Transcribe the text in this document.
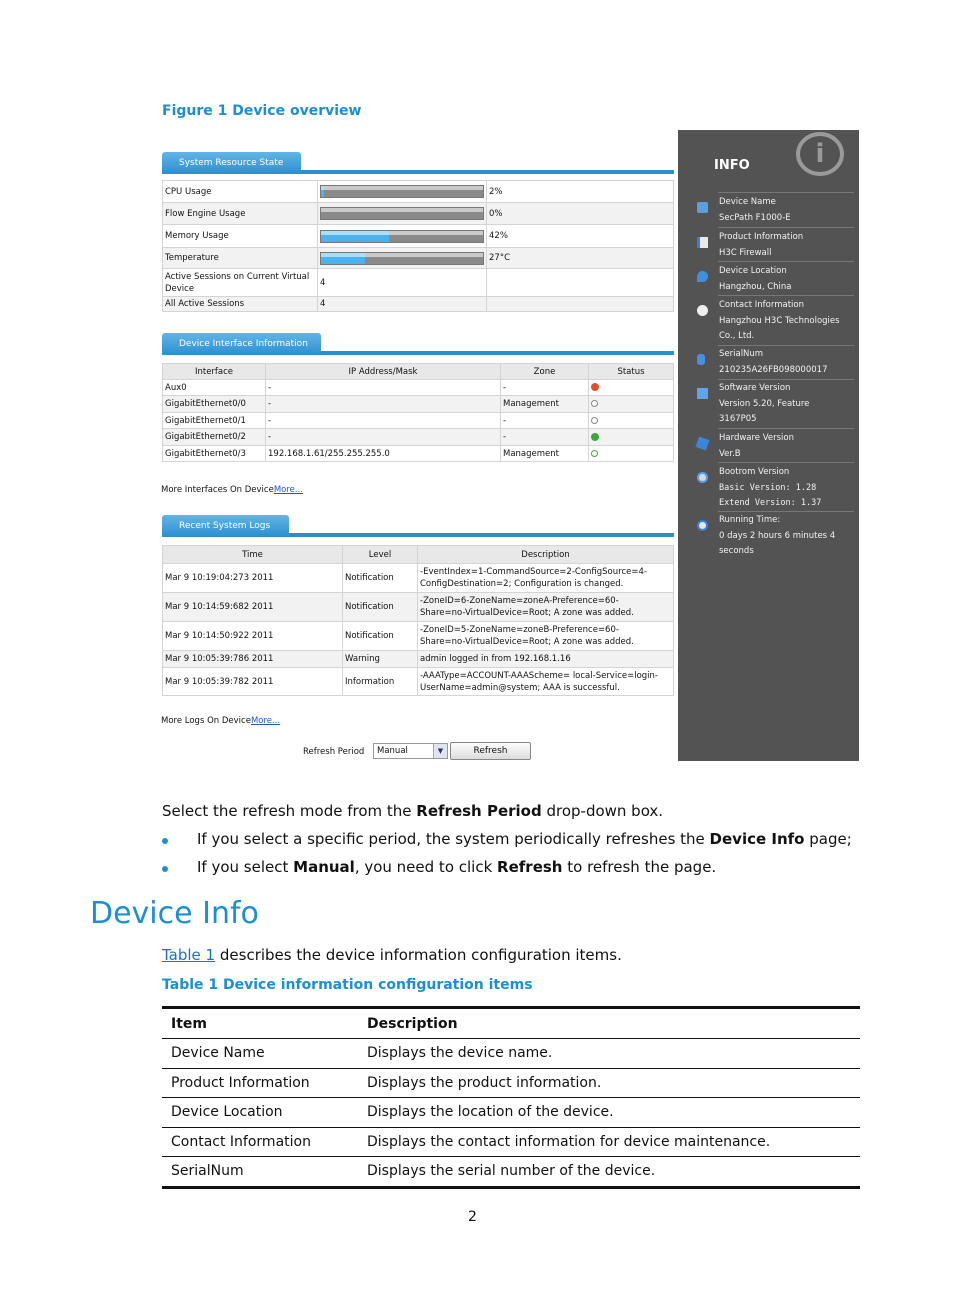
Figure 1 Device overview
System Resource State
CPU Usage		2%
Flow Engine Usage		0%
Memory Usage		42%
Temperature		27°C
Active Sessions on Current Virtual Device	4	
All Active Sessions	4	
Device Interface Information
Interface	IP Address/Mask	Zone	Status
Aux0	-	-	
GigabitEthernet0/0	-	Management	
GigabitEthernet0/1	-	-	
GigabitEthernet0/2	-	-	
GigabitEthernet0/3	192.168.1.61/255.255.255.0	Management	
More Interfaces On DeviceMore...
Recent System Logs
Time	Level	Description
Mar 9 10:19:04:273 2011	Notification	-EventIndex=1-CommandSource=2-ConfigSource=4-
ConfigDestination=2; Configuration is changed.

Mar 9 10:14:59:682 2011	Notification	-ZoneID=6-ZoneName=zoneA-Preference=60-
Share=no-VirtualDevice=Root; A zone was added.

Mar 9 10:14:50:922 2011	Notification	-ZoneID=5-ZoneName=zoneB-Preference=60-
Share=no-VirtualDevice=Root; A zone was added.

Mar 9 10:05:39:786 2011	Warning	admin logged in from 192.168.1.16
Mar 9 10:05:39:782 2011	Information	-AAAType=ACCOUNT-AAAScheme= local-Service=login-
UserName=admin@system; AAA is successful.
More Logs On DeviceMore...
Refresh Period Manual	▼	Refresh
INFO	i
Device Name
SecPath F1000-E
Product Information
H3C Firewall
Device Location
Hangzhou, China
Contact Information
Hangzhou H3C Technologies
Co., Ltd.
SerialNum
210235A26FB098000017
Software Version
Version 5.20, Feature
3167P05
Hardware Version
Ver.B
Bootrom Version
Basic Version: 1.28
Extend Version: 1.37
Running Time:
0 days 2 hours 6 minutes 4
seconds
Select the refresh mode from the Refresh Period drop-down box.
If you select a specific period, the system periodically refreshes the Device Info page;
If you select Manual, you need to click Refresh to refresh the page.
Device Info
Table 1 describes the device information configuration items.
Table 1 Device information configuration items
Item	Description
Device Name	Displays the device name.
Product Information	Displays the product information.
Device Location	Displays the location of the device.
Contact Information	Displays the contact information for device maintenance.
SerialNum	Displays the serial number of the device.
2
